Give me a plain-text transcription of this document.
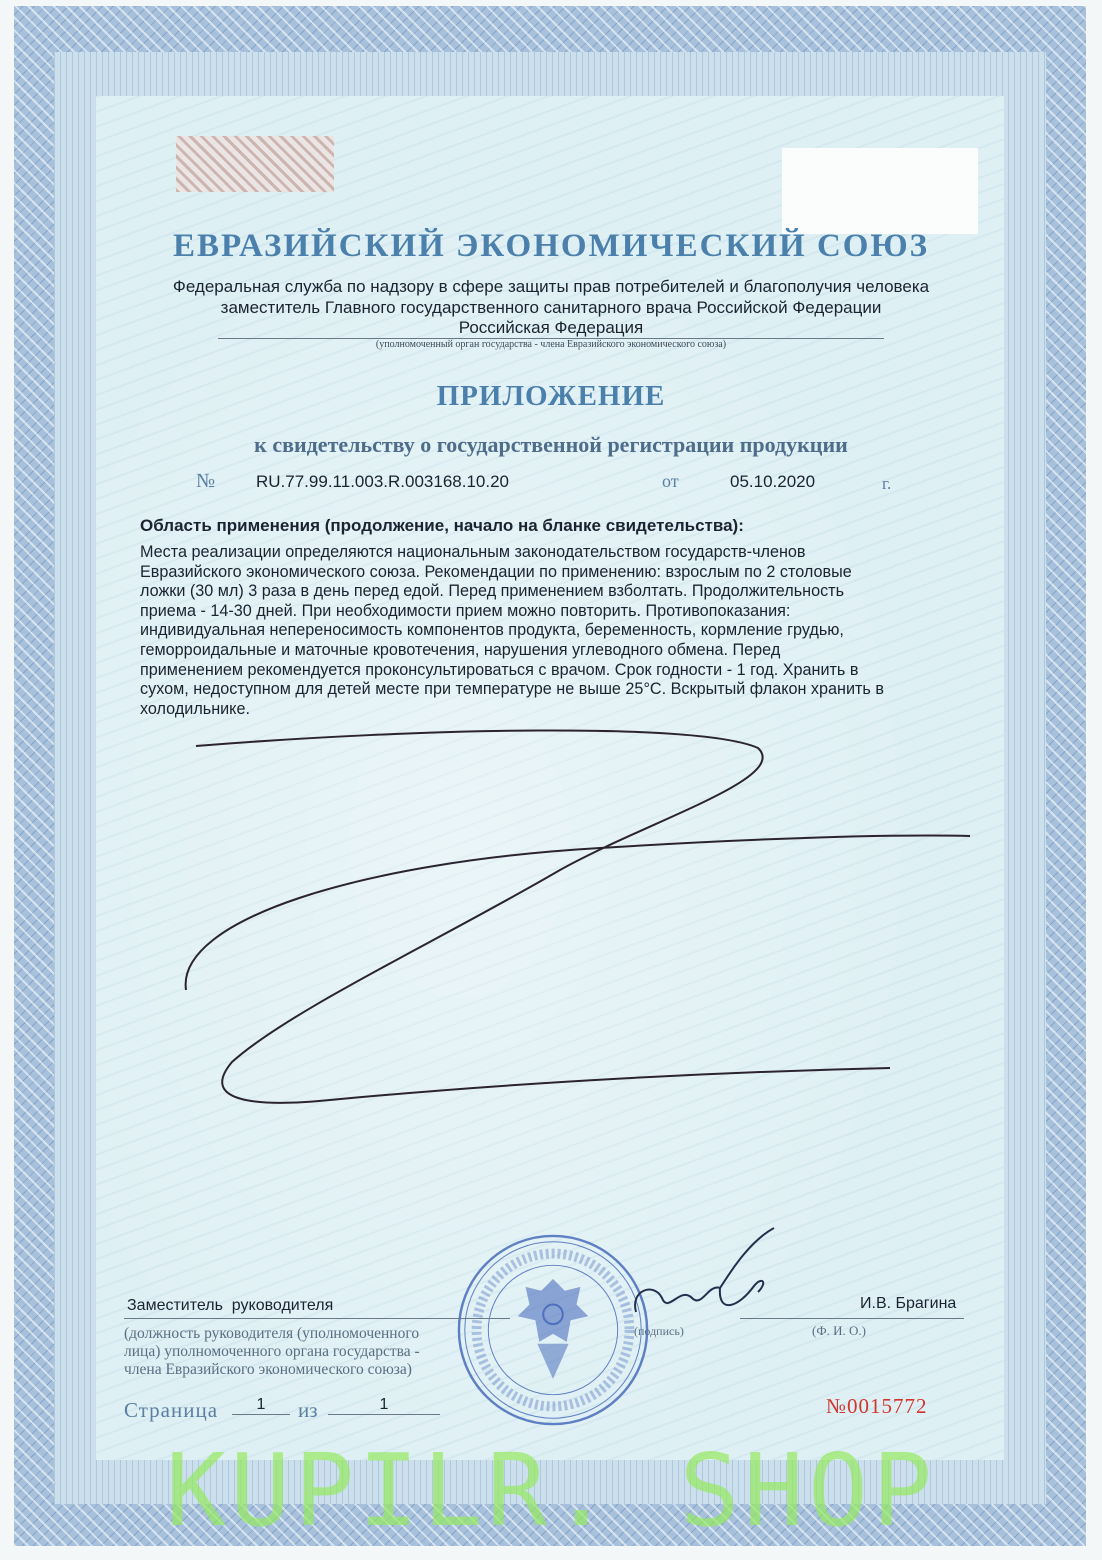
ЕВРАЗИЙСКИЙ ЭКОНОМИЧЕСКИЙ СОЮЗ
Федеральная служба по надзору в сфере защиты прав потребителей и благополучия человека
заместитель Главного государственного санитарного врача Российской Федерации
Российская Федерация
(уполномоченный орган государства - члена Евразийского экономического союза)
ПРИЛОЖЕНИЕ
к свидетельству о государственной регистрации продукции
№ RU.77.99.11.003.R.003168.10.20	от	05.10.2020	г.
Область применения (продолжение, начало на бланке свидетельства):
Места реализации определяются национальным законодательством государств-членов
Евразийского экономического союза. Рекомендации по применению: взрослым по 2 столовые
ложки (30 мл) 3 раза в день перед едой. Перед применением взболтать. Продолжительность
приема - 14-30 дней. При необходимости прием можно повторить. Противопоказания:
индивидуальная непереносимость компонентов продукта, беременность, кормление грудью,
геморроидальные и маточные кровотечения, нарушения углеводного обмена. Перед
применением рекомендуется проконсультироваться с врачом. Срок годности - 1 год. Хранить в
сухом, недоступном для детей месте при температуре не выше 25°С. Вскрытый флакон хранить в
холодильнике.
Заместитель  руководителя	И.В. Брагина
(должность руководителя (уполномоченного
лица) уполномоченного органа государства -
члена Евразийского экономического союза)
(подпись)	(Ф. И. О.)
Страница	1	из	1	№0015772
KUPILR. SHOP
